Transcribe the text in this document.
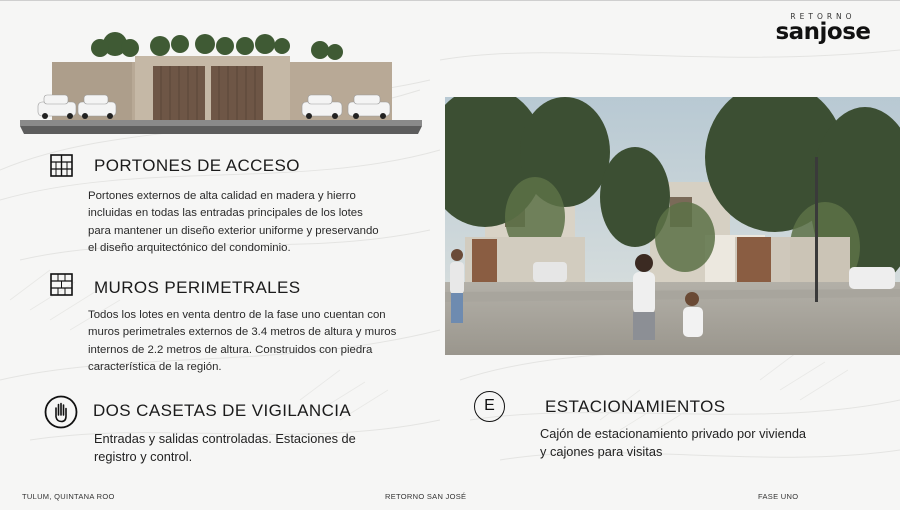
RETORNO
sanjose
PORTONES DE ACCESO
Portones externos de alta calidad en madera y hierro
incluidas en todas las entradas principales de los lotes
para mantener un diseño exterior uniforme y preservando
el diseño arquitectónico del condominio.
MUROS PERIMETRALES
Todos los lotes en venta dentro de la fase uno cuentan con
muros perimetrales externos de 3.4 metros de altura y muros
internos de 2.2 metros de altura. Construidos con piedra
característica de la región.
DOS CASETAS DE VIGILANCIA
Entradas y salidas controladas. Estaciones de
registro y control.
E	ESTACIONAMIENTOS
Cajón de estacionamiento privado por vivienda
y cajones para visitas
TULUM, QUINTANA ROO	RETORNO SAN JOSÉ	FASE UNO
